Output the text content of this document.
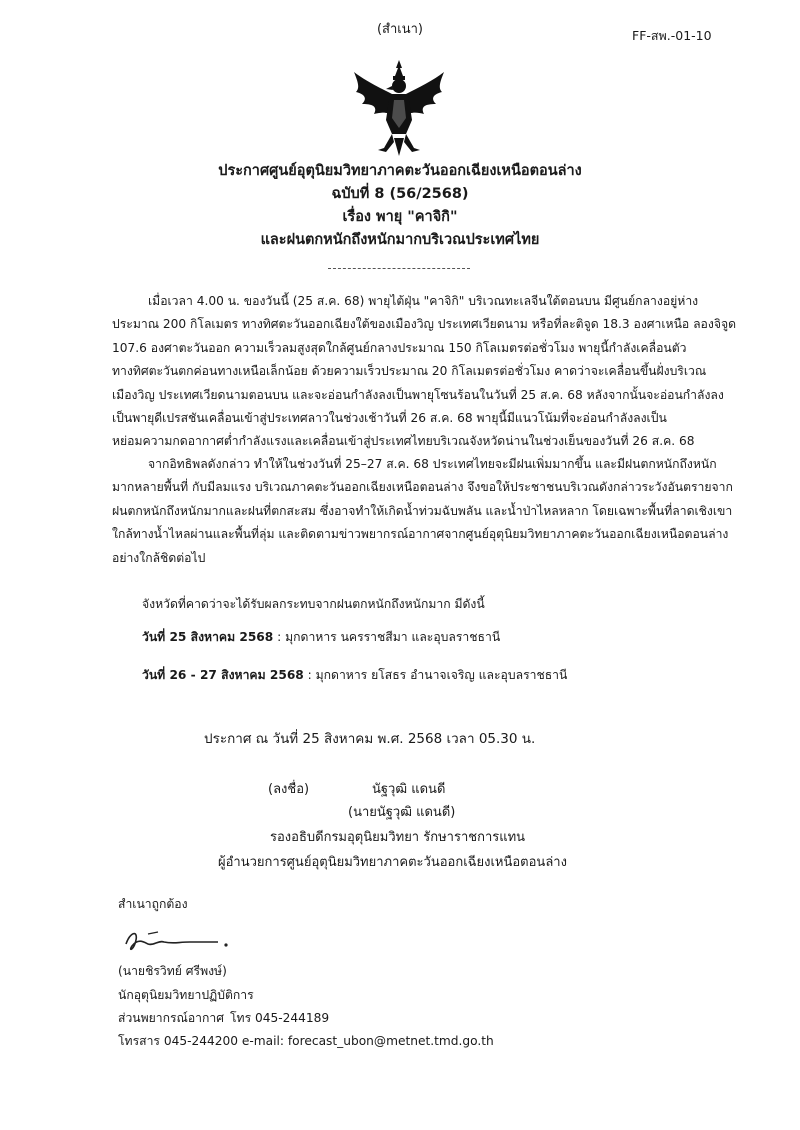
(สำเนา)	FF-สพ.-01-10
ประกาศศูนย์อุตุนิยมวิทยาภาคตะวันออกเฉียงเหนือตอนล่าง
ฉบับที่ 8 (56/2568)
เรื่อง พายุ "คาจิกิ"
และฝนตกหนักถึงหนักมากบริเวณประเทศไทย
เมื่อเวลา 4.00 น. ของวันนี้ (25 ส.ค. 68) พายุไต้ฝุ่น "คาจิกิ" บริเวณทะเลจีนใต้ตอนบน มีศูนย์กลางอยู่ห่าง
ประมาณ 200 กิโลเมตร ทางทิศตะวันออกเฉียงใต้ของเมืองวิญ ประเทศเวียดนาม หรือที่ละติจูด 18.3 องศาเหนือ ลองจิจูด
107.6 องศาตะวันออก ความเร็วลมสูงสุดใกล้ศูนย์กลางประมาณ 150 กิโลเมตรต่อชั่วโมง พายุนี้กำลังเคลื่อนตัว
ทางทิศตะวันตกค่อนทางเหนือเล็กน้อย ด้วยความเร็วประมาณ 20 กิโลเมตรต่อชั่วโมง คาดว่าจะเคลื่อนขึ้นฝั่งบริเวณ
เมืองวิญ ประเทศเวียดนามตอนบน และจะอ่อนกำลังลงเป็นพายุโซนร้อนในวันที่ 25 ส.ค. 68 หลังจากนั้นจะอ่อนกำลังลง
เป็นพายุดีเปรสชันเคลื่อนเข้าสู่ประเทศลาวในช่วงเช้าวันที่ 26 ส.ค. 68 พายุนี้มีแนวโน้มที่จะอ่อนกำลังลงเป็น
หย่อมความกดอากาศต่ำกำลังแรงและเคลื่อนเข้าสู่ประเทศไทยบริเวณจังหวัดน่านในช่วงเย็นของวันที่ 26 ส.ค. 68
จากอิทธิพลดังกล่าว ทำให้ในช่วงวันที่ 25–27 ส.ค. 68 ประเทศไทยจะมีฝนเพิ่มมากขึ้น และมีฝนตกหนักถึงหนัก
มากหลายพื้นที่ กับมีลมแรง บริเวณภาคตะวันออกเฉียงเหนือตอนล่าง จึงขอให้ประชาชนบริเวณดังกล่าวระวังอันตรายจาก
ฝนตกหนักถึงหนักมากและฝนที่ตกสะสม ซึ่งอาจทำให้เกิดน้ำท่วมฉับพลัน และน้ำป่าไหลหลาก โดยเฉพาะพื้นที่ลาดเชิงเขา
ใกล้ทางน้ำไหลผ่านและพื้นที่ลุ่ม และติดตามข่าวพยากรณ์อากาศจากศูนย์อุตุนิยมวิทยาภาคตะวันออกเฉียงเหนือตอนล่าง
อย่างใกล้ชิดต่อไป
จังหวัดที่คาดว่าจะได้รับผลกระทบจากฝนตกหนักถึงหนักมาก มีดังนี้
วันที่ 25 สิงหาคม 2568 : มุกดาหาร นครราชสีมา และอุบลราชธานี
วันที่ 26 - 27 สิงหาคม 2568 : มุกดาหาร ยโสธร อำนาจเจริญ และอุบลราชธานี
ประกาศ ณ วันที่ 25 สิงหาคม พ.ศ. 2568 เวลา 05.30 น.
(ลงชื่อ)	นัฐวุฒิ แดนดี
(นายนัฐวุฒิ แดนดี)
รองอธิบดีกรมอุตุนิยมวิทยา รักษาราชการแทน
ผู้อำนวยการศูนย์อุตุนิยมวิทยาภาคตะวันออกเฉียงเหนือตอนล่าง
สำเนาถูกต้อง
(นายชิรวิทย์ ศรีพงษ์)
นักอุตุนิยมวิทยาปฏิบัติการ
ส่วนพยากรณ์อากาศ โทร 045-244189
โทรสาร 045-244200 e-mail: forecast_ubon@metnet.tmd.go.th
